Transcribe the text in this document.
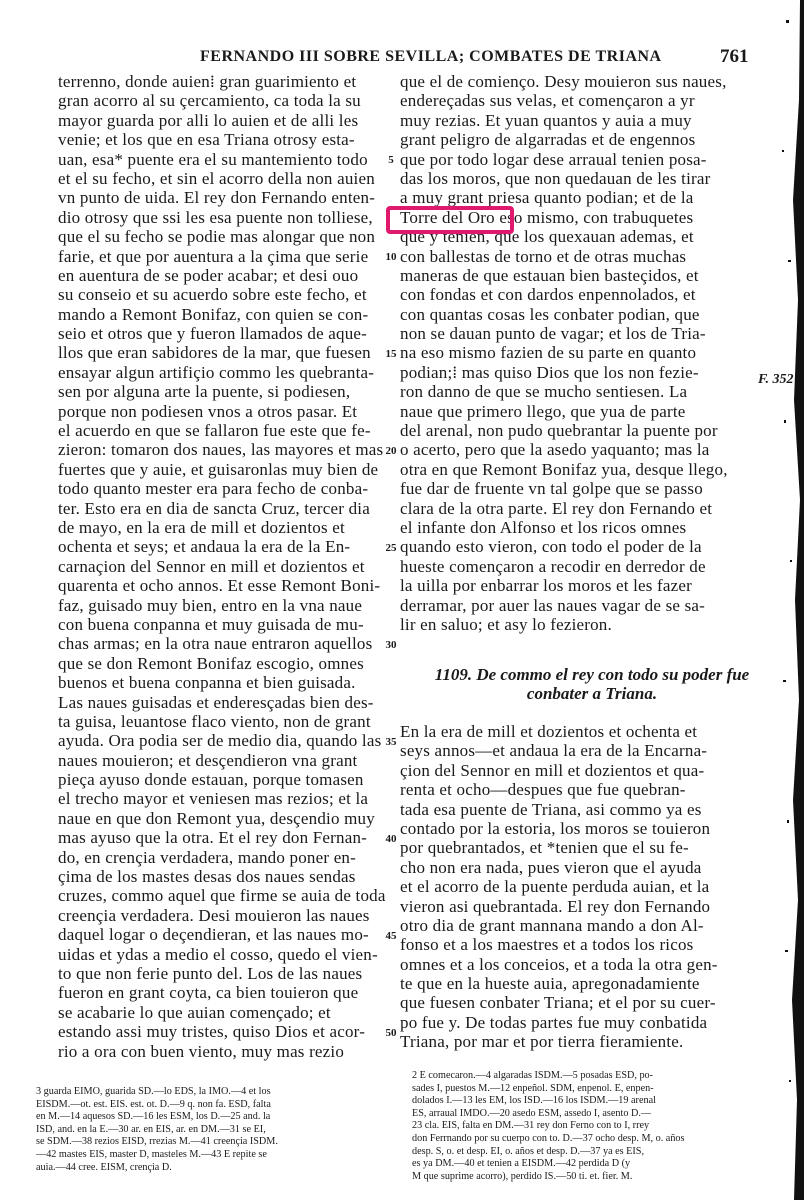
FERNANDO III SOBRE SEVILLA; COMBATES DE TRIANA	761
terrenno, donde auien⁞ gran guarimiento et
gran acorro al su çercamiento, ca toda la su
mayor guarda por alli lo auien et de alli les
venie; et los que en esa Triana otrosy esta-
uan, esa* puente era el su mantemiento todo
et el su fecho, et sin el acorro della non auien
vn punto de uida. El rey don Fernando enten-
dio otrosy que ssi les esa puente non tolliese,
que el su fecho se podie mas alongar que non
farie, et que por auentura a la çima que serie
en auentura de se poder acabar; et desi ouo
su conseio et su acuerdo sobre este fecho, et
mando a Remont Bonifaz, con quien se con-
seio et otros que y fueron llamados de aque-
llos que eran sabidores de la mar, que fuesen
ensayar algun artifiçio commo les quebranta-
sen por alguna arte la puente, si podiesen,
porque non podiesen vnos a otros pasar. Et
el acuerdo en que se fallaron fue este que fe-
zieron: tomaron dos naues, las mayores et mas
fuertes que y auie, et guisaronlas muy bien de
todo quanto mester era para fecho de conba-
ter. Esto era en dia de sancta Cruz, tercer dia
de mayo, en la era de mill et dozientos et
ochenta et seys; et andaua la era de la En-
carnaçion del Sennor en mill et dozientos et
quarenta et ocho annos. Et esse Remont Boni-
faz, guisado muy bien, entro en la vna naue
con buena conpanna et muy guisada de mu-
chas armas; en la otra naue entraron aquellos
que se don Remont Bonifaz escogio, omnes
buenos et buena conpanna et bien guisada.
Las naues guisadas et enderesçadas bien des-
ta guisa, leuantose flaco viento, non de grant
ayuda. Ora podia ser de medio dia, quando las
naues mouieron; et desçendieron vna grant
pieça ayuso donde estauan, porque tomasen
el trecho mayor et veniesen mas rezios; et la
naue en que don Remont yua, desçendio muy
mas ayuso que la otra. Et el rey don Fernan-
do, en crençia verdadera, mando poner en-
çima de los mastes desas dos naues sendas
cruzes, commo aquel que firme se auia de toda
creençia verdadera. Desi mouieron las naues
daquel logar o deçendieran, et las naues mo-
uidas et ydas a medio el cosso, quedo el vien-
to que non ferie punto del. Los de las naues
fueron en grant coyta, ca bien touieron que
se acabarie lo que auian començado; et
estando assi muy tristes, quiso Dios et acor-
rio a ora con buen viento, muy mas rezio
5
10
15
20
25
30
35
40
45
50
que el de comienço. Desy mouieron sus naues,
endereçadas sus velas, et començaron a yr
muy rezias. Et yuan quantos y auia a muy
grant peligro de algarradas et de engennos
que por todo logar dese arraual tenien posa-
das los moros, que non quedauan de les tirar
a muy grant priesa quanto podian; et de la
Torre del Oro eso mismo, con trabuquetes
que y tenien, que los quexauan ademas, et
con ballestas de torno et de otras muchas
maneras de que estauan bien basteçidos, et
con fondas et con dardos enpennolados, et
con quantas cosas les conbater podian, que
non se dauan punto de vagar; et los de Tria-
na eso mismo fazien de su parte en quanto
podian;⁞ mas quiso Dios que los non fezie-
ron danno de que se mucho sentiesen. La
naue que primero llego, que yua de parte
del arenal, non pudo quebrantar la puente por
o acerto, pero que la asedo yaquanto; mas la
otra en que Remont Bonifaz yua, desque llego,
fue dar de fruente vn tal golpe que se passo
clara de la otra parte. El rey don Fernando et
el infante don Alfonso et los ricos omnes
quando esto vieron, con todo el poder de la
hueste començaron a recodir en derredor de
la uilla por enbarrar los moros et les fazer
derramar, por auer las naues vagar de se sa-
lir en saluo; et asy lo fezieron.
F. 352
1109. De commo el rey con todo su poder fue
conbater a Triana.
En la era de mill et dozientos et ochenta et
seys annos—et andaua la era de la Encarna-
çion del Sennor en mill et dozientos et qua-
renta et ocho—despues que fue quebran-
tada esa puente de Triana, asi commo ya es
contado por la estoria, los moros se touieron
por quebrantados, et *tenien que el su fe-
cho non era nada, pues vieron que el ayuda
et el acorro de la puente perduda auian, et la
vieron asi quebrantada. El rey don Fernando
otro dia de grant mannana mando a don Al-
fonso et a los maestres et a todos los ricos
omnes et a los conceios, et a toda la otra gen-
te que en la hueste auia, apregonadamiente
que fuesen conbater Triana; et el por su cuer-
po fue y. De todas partes fue muy conbatida
Triana, por mar et por tierra fieramiente.
3 guarda EIMO, guarida SD.—lo EDS, la IMO.—4 et los
EISDM.—ot. est. EIS. est. ot. D.—9 q. non fa. ESD, falta
en M.—14 aquesos SD.—16 les ESM, los D.—25 and. la
ISD, and. en la E.—30 ar. en EIS, ar. en DM.—31 se EI,
se SDM.—38 rezios EISD, rrezias M.—41 creençia ISDM.
—42 mastes EIS, master D, masteles M.—43 E repite se
auia.—44 cree. EISM, crençia D.
2 E comecaron.—4 algaradas ISDM.—5 posadas ESD, po-
sades I, puestos M.—12 enpeñol. SDM, enpenol. E, enpen-
dolados I.—13 les EM, los ISD.—16 los ISDM.—19 arenal
ES, arraual IMDO.—20 asedo ESM, assedo I, asento D.—
23 cla. EIS, falta en DM.—31 rey don Ferno con to I, rrey
don Ferrnando por su cuerpo con to. D.—37 ocho desp. M, o. años
desp. S, o. et desp. EI, o. años et desp. D.—37 ya es EIS,
es ya DM.—40 et tenien a EISDM.—42 perdida D (y
M que suprime acorro), perdido IS.—50 ti. et. fier. M.
